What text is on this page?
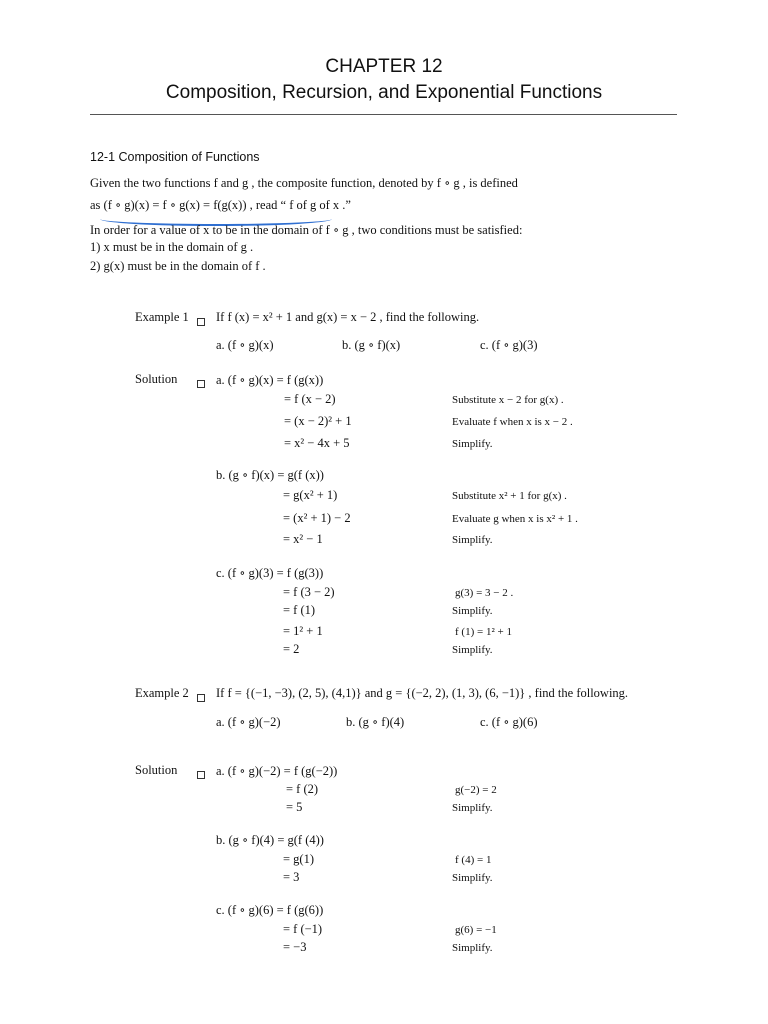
CHAPTER 12
Composition, Recursion, and Exponential Functions
12-1 Composition of Functions
Given the two functions f and g , the composite function, denoted by f ∘ g , is defined
as (f ∘ g)(x) = f ∘ g(x) = f(g(x)) , read “ f of g of x .”
In order for a value of x to be in the domain of f ∘ g , two conditions must be satisfied:
1) x must be in the domain of g .
2) g(x) must be in the domain of f .
Example 1 If f (x) = x² + 1 and g(x) = x − 2 , find the following.
a. (f ∘ g)(x)	b. (g ∘ f)(x)	c. (f ∘ g)(3)
Solution	a. (f ∘ g)(x) = f (g(x))
= f (x − 2)	Substitute x − 2 for g(x) .
= (x − 2)² + 1	Evaluate f when x is x − 2 .
= x² − 4x + 5	Simplify.
b. (g ∘ f)(x) = g(f (x))
= g(x² + 1)	Substitute x² + 1 for g(x) .
= (x² + 1) − 2	Evaluate g when x is x² + 1 .
= x² − 1	Simplify.
c. (f ∘ g)(3) = f (g(3))
= f (3 − 2)	g(3) = 3 − 2 .
= f (1)	Simplify.
= 1² + 1	f (1) = 1² + 1
= 2	Simplify.
Example 2 If f = {(−1, −3), (2, 5), (4,1)} and g = {(−2, 2), (1, 3), (6, −1)} , find the following.
a. (f ∘ g)(−2)	b. (g ∘ f)(4)	c. (f ∘ g)(6)
Solution	a. (f ∘ g)(−2) = f (g(−2))
= f (2)	g(−2) = 2
= 5	Simplify.
b. (g ∘ f)(4) = g(f (4))
= g(1)	f (4) = 1
= 3	Simplify.
c. (f ∘ g)(6) = f (g(6))
= f (−1)	g(6) = −1
= −3	Simplify.
